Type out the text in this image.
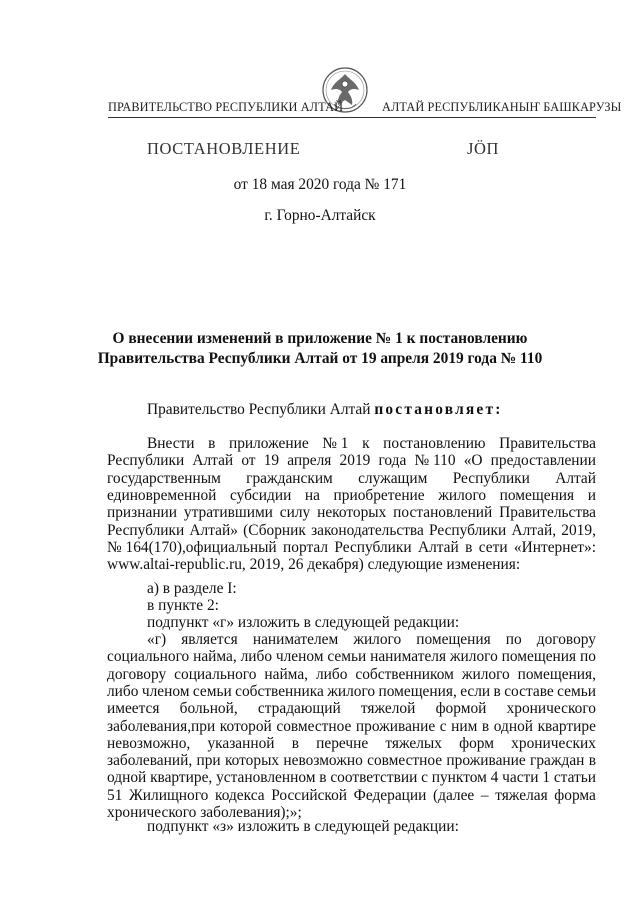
ПРАВИТЕЛЬСТВО РЕСПУБЛИКИ АЛТАЙ	АЛТАЙ РЕСПУБЛИКАНЫҤ БАШКАРУЗЫ
ПОСТАНОВЛЕНИЕ	JӦП
от 18 мая 2020 года № 171
г. Горно-Алтайск
О внесении изменений в приложение № 1 к постановлению
Правительства Республики Алтай от 19 апреля 2019 года № 110
Правительство Республики Алтай постановляет:
Внести в приложение № 1 к постановлению Правительства
Республики Алтай от 19 апреля 2019 года № 110 «О предоставлении
государственным гражданским служащим Республики Алтай
единовременной субсидии на приобретение жилого помещения и
признании утратившими силу некоторых постановлений Правительства
Республики Алтай» (Сборник законодательства Республики Алтай, 2019,
№ 164(170),официальный портал Республики Алтай в сети «Интернет»:
www.altai-republic.ru, 2019, 26 декабря) следующие изменения:
а) в разделе I:
в пункте 2:
подпункт «г» изложить в следующей редакции:
«г) является нанимателем жилого помещения по договору
социального найма, либо членом семьи нанимателя жилого помещения по
договору социального найма, либо собственником жилого помещения,
либо членом семьи собственника жилого помещения, если в составе семьи
имеется больной, страдающий тяжелой формой хронического
заболевания,при которой совместное проживание с ним в одной квартире
невозможно, указанной в перечне тяжелых форм хронических
заболеваний, при которых невозможно совместное проживание граждан в
одной квартире, установленном в соответствии с пунктом 4 части 1 статьи
51 Жилищного кодекса Российской Федерации (далее – тяжелая форма
хронического заболевания);»;
подпункт «з» изложить в следующей редакции:
